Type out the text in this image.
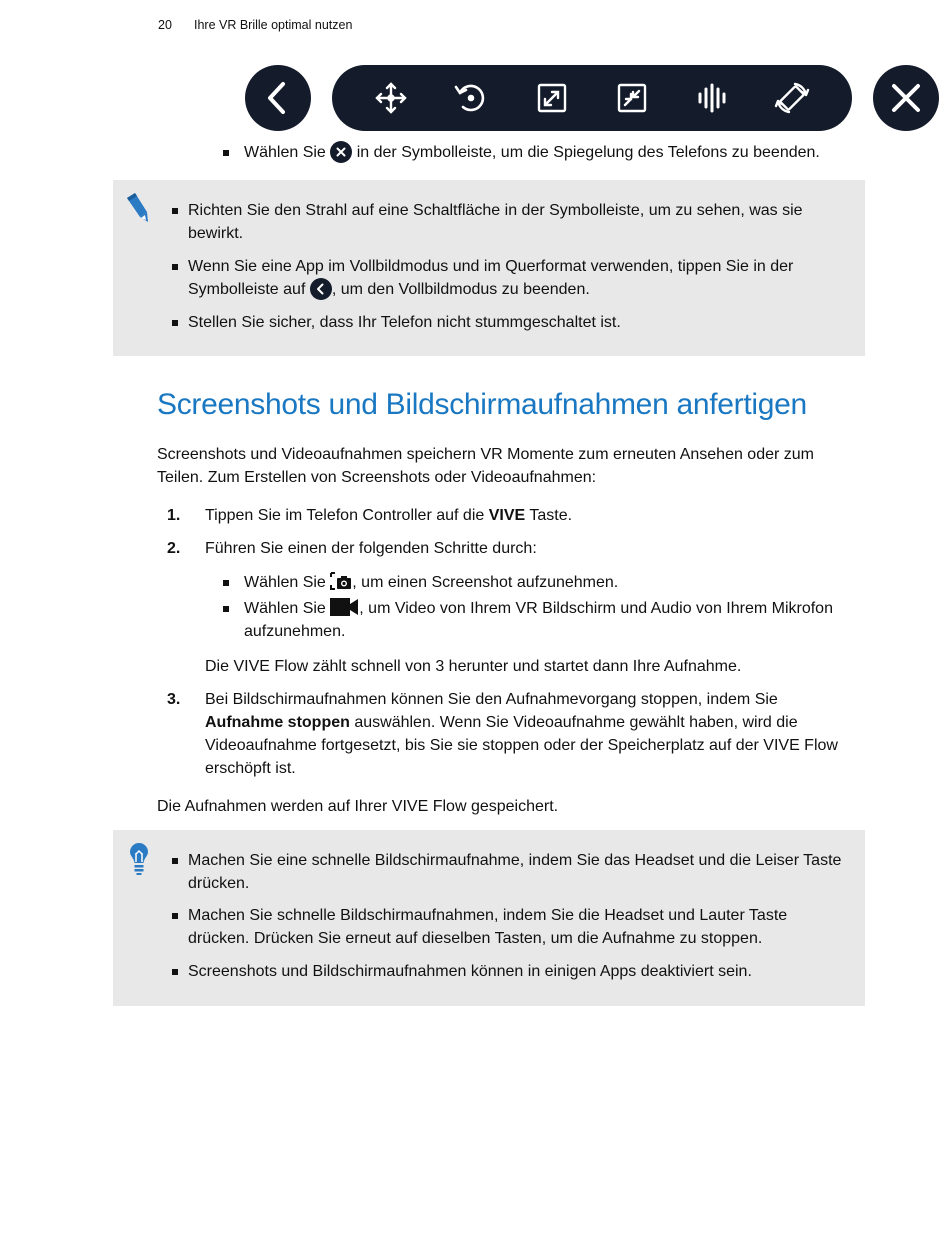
20 Ihre VR Brille optimal nutzen
Wählen Sie in der Symbolleiste, um die Spiegelung des Telefons zu beenden.
Richten Sie den Strahl auf eine Schaltfläche in der Symbolleiste, um zu sehen, was sie
bewirkt.
Wenn Sie eine App im Vollbildmodus und im Querformat verwenden, tippen Sie in der
Symbolleiste auf , um den Vollbildmodus zu beenden.
Stellen Sie sicher, dass Ihr Telefon nicht stummgeschaltet ist.
Screenshots und Bildschirmaufnahmen anfertigen
Screenshots und Videoaufnahmen speichern VR Momente zum erneuten Ansehen oder zum
Teilen. Zum Erstellen von Screenshots oder Videoaufnahmen:
1. Tippen Sie im Telefon Controller auf die VIVE Taste.
2. Führen Sie einen der folgenden Schritte durch:
Wählen Sie , um einen Screenshot aufzunehmen.
Wählen Sie , um Video von Ihrem VR Bildschirm und Audio von Ihrem Mikrofon
aufzunehmen.
Die VIVE Flow zählt schnell von 3 herunter und startet dann Ihre Aufnahme.
3. Bei Bildschirmaufnahmen können Sie den Aufnahmevorgang stoppen, indem Sie
Aufnahme stoppen auswählen. Wenn Sie Videoaufnahme gewählt haben, wird die
Videoaufnahme fortgesetzt, bis Sie sie stoppen oder der Speicherplatz auf der VIVE Flow
erschöpft ist.
Die Aufnahmen werden auf Ihrer VIVE Flow gespeichert.
Machen Sie eine schnelle Bildschirmaufnahme, indem Sie das Headset und die Leiser Taste
drücken.
Machen Sie schnelle Bildschirmaufnahmen, indem Sie die Headset und Lauter Taste
drücken. Drücken Sie erneut auf dieselben Tasten, um die Aufnahme zu stoppen.
Screenshots und Bildschirmaufnahmen können in einigen Apps deaktiviert sein.
